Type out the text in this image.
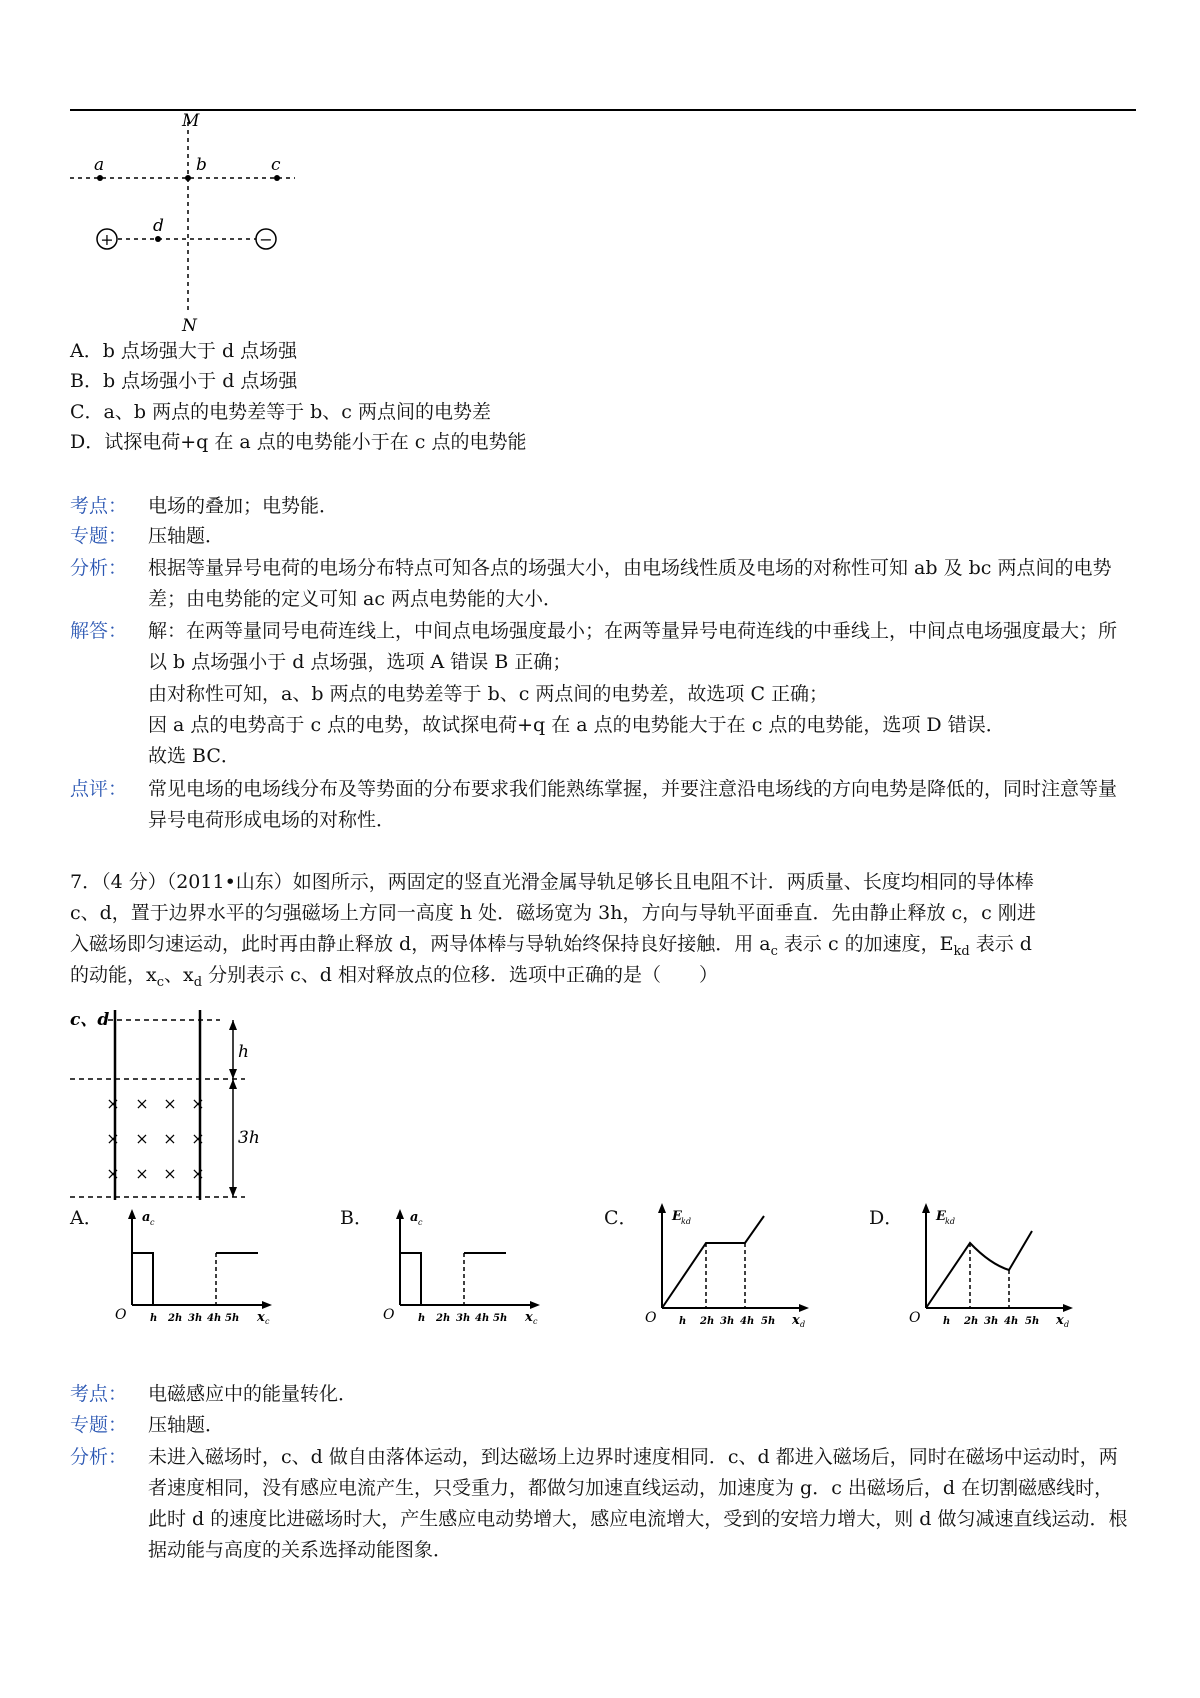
+	−
M
N
a	b	c
d
A．b 点场强大于 d 点场强
B．b 点场强小于 d 点场强
C．a、b 两点的电势差等于 b、c 两点间的电势差
D．试探电荷+q 在 a 点的电势能小于在 c 点的电势能
考点： 电场的叠加；电势能．
专题： 压轴题．
分析： 根据等量异号电荷的电场分布特点可知各点的场强大小，由电场线性质及电场的对称性可知 ab 及 bc 两点间的电势差；由电势能的定义可知 ac 两点电势能的大小．
解答： 解：在两等量同号电荷连线上，中间点电场强度最小；在两等量异号电荷连线的中垂线上，中间点电场强度最大；所以 b 点场强小于 d 点场强，选项 A 错误 B 正确；
由对称性可知，a、b 两点的电势差等于 b、c 两点间的电势差，故选项 C 正确；
因 a 点的电势高于 c 点的电势，故试探电荷+q 在 a 点的电势能大于在 c 点的电势能，选项 D 错误．
故选 BC．
点评： 常见电场的电场线分布及等势面的分布要求我们能熟练掌握，并要注意沿电场线的方向电势是降低的，同时注意等量异号电荷形成电场的对称性．
7．（4 分）（2011•山东）如图所示，两固定的竖直光滑金属导轨足够长且电阻不计．两质量、长度均相同的导体棒
c、d，置于边界水平的匀强磁场上方同一高度 h 处．磁场宽为 3h，方向与导轨平面垂直．先由静止释放 c，c 刚进
入磁场即匀速运动，此时再由静止释放 d，两导体棒与导轨始终保持良好接触．用 $a_c$ 表示 c 的加速度，$E_{kd}$ 表示 d
的动能，$x_c$、$x_d$ 分别表示 c、d 相对释放点的位移．选项中正确的是（　　）
c、d
h
3h
× × × ×
× × × ×
× × × ×
A．	a c
x c
O h 2h 3h 4h 5h
B．	a c
x c
O h 2h 3h 4h 5h
C．	E kd
x d
O h 2h 3h 4h 5h
D．	E kd
x d
O h 2h 3h 4h 5h
考点： 电磁感应中的能量转化．
专题： 压轴题．
分析： 未进入磁场时，c、d 做自由落体运动，到达磁场上边界时速度相同．c、d 都进入磁场后，同时在磁场中运动时，两者速度相同，没有感应电流产生，只受重力，都做匀加速直线运动，加速度为 g．c 出磁场后，d 在切割磁感线时，此时 d 的速度比进磁场时大，产生感应电动势增大，感应电流增大，受到的安培力增大，则 d 做匀减速直线运动．根据动能与高度的关系选择动能图象．
